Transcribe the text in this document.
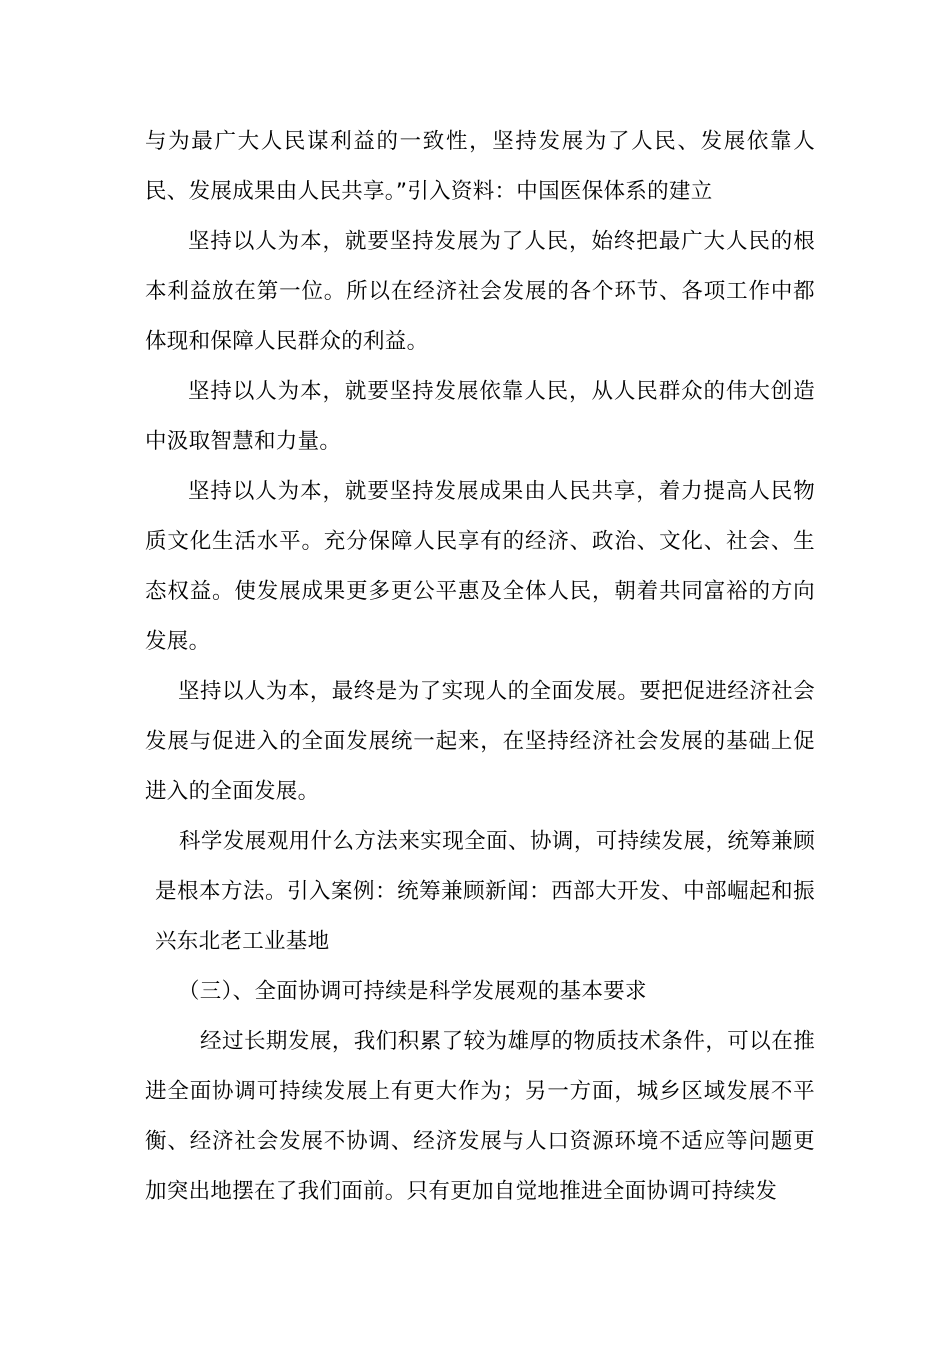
与为最广大人民谋利益的一致性，坚持发展为了人民、发展依靠人民、发展成果由人民共享。”引入资料：中国医保体系的建立

坚持以人为本，就要坚持发展为了人民，始终把最广大人民的根本利益放在第一位。所以在经济社会发展的各个环节、各项工作中都体现和保障人民群众的利益。

坚持以人为本，就要坚持发展依靠人民，从人民群众的伟大创造中汲取智慧和力量。

坚持以人为本，就要坚持发展成果由人民共享，着力提高人民物质文化生活水平。充分保障人民享有的经济、政治、文化、社会、生态权益。使发展成果更多更公平惠及全体人民，朝着共同富裕的方向发展。

坚持以人为本，最终是为了实现人的全面发展。要把促进经济社会发展与促进入的全面发展统一起来，在坚持经济社会发展的基础上促进入的全面发展。

科学发展观用什么方法来实现全面、协调，可持续发展，统筹兼顾是根本方法。引入案例：统筹兼顾新闻：西部大开发、中部崛起和振兴东北老工业基地

（三）、全面协调可持续是科学发展观的基本要求

经过长期发展，我们积累了较为雄厚的物质技术条件，可以在推进全面协调可持续发展上有更大作为；另一方面，城乡区域发展不平衡、经济社会发展不协调、经济发展与人口资源环境不适应等问题更加突出地摆在了我们面前。只有更加自觉地推进全面协调可持续发
